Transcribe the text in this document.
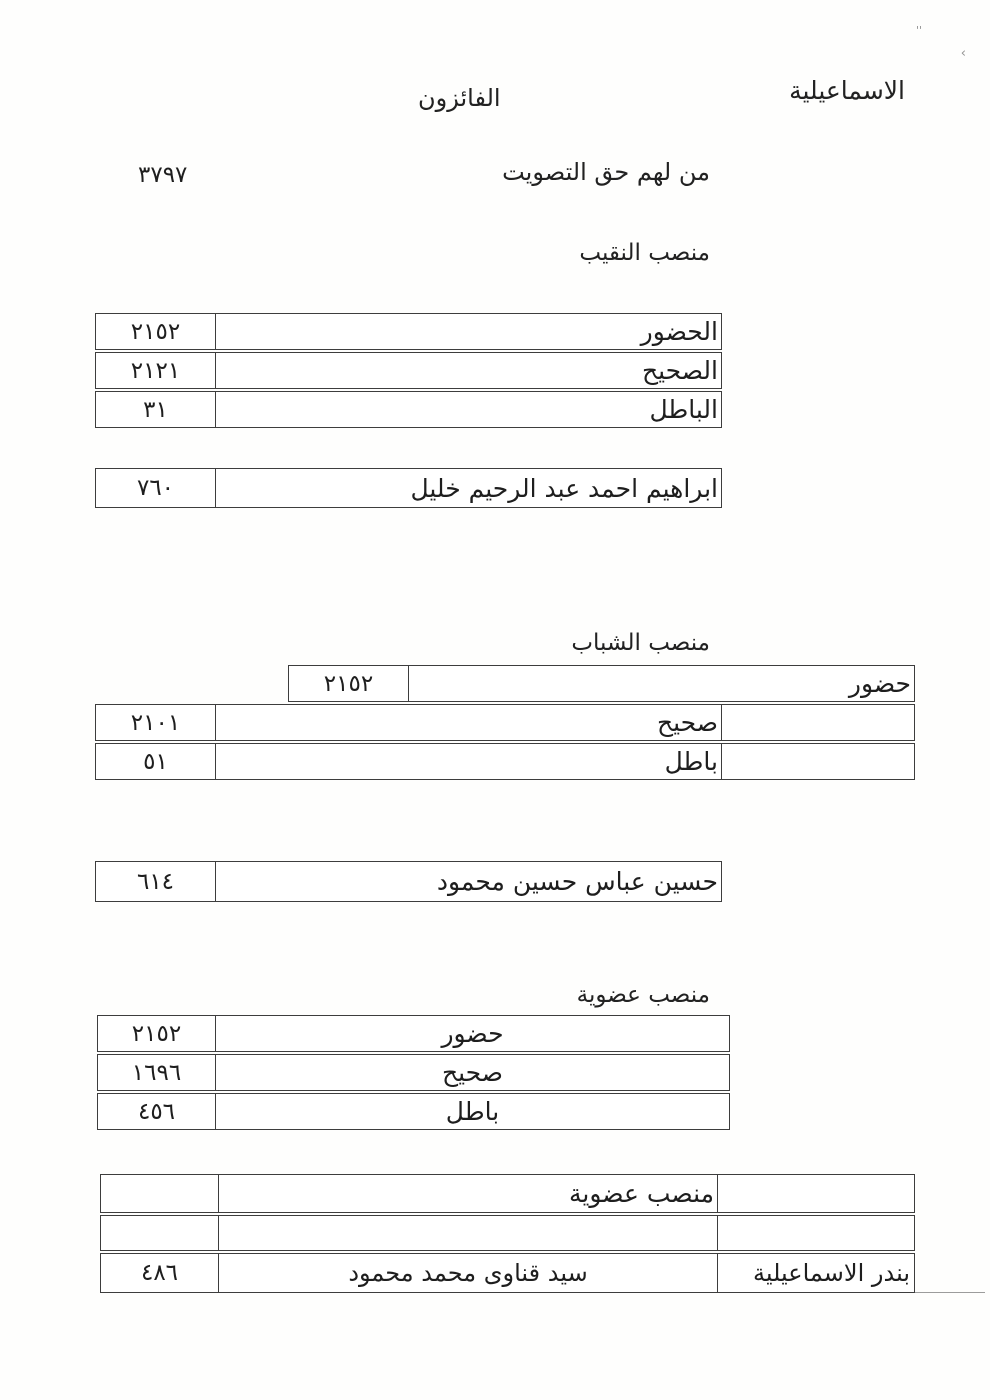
''
›
الاسماعيلية
الفائزون
من لهم حق التصويت
٣٧٩٧
منصب النقيب
٢١٥٢	الحضور
٢١٢١	الصحيح
٣١	الباطل
٧٦٠	ابراهيم احمد عبد الرحيم خليل
منصب الشباب
٢١٥٢	حضور
٢١٠١	صحيح
٥١	باطل
٦١٤	حسين عباس حسين محمود
منصب عضوية
٢١٥٢	حضور
١٦٩٦	صحيح
٤٥٦	باطل
منصب عضوية
٤٨٦	سيد قناوى محمد محمود	بندر الاسماعيلية
